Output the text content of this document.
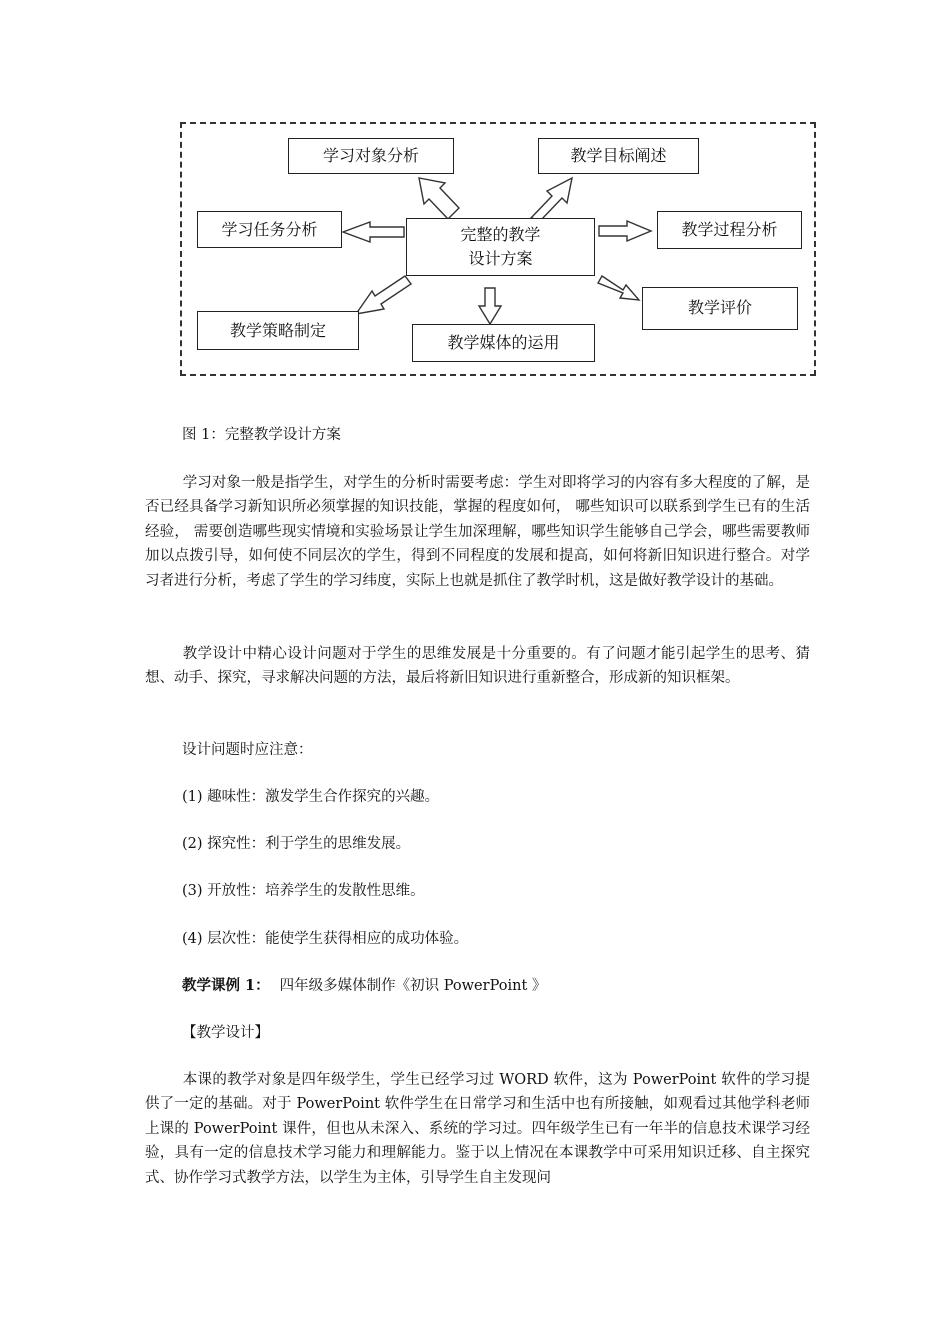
学习对象分析	教学目标阐述
学习任务分析	完整的教学
设计方案
教学过程分析
教学评价
教学策略制定
教学媒体的运用

图 1：完整教学设计方案

学习对象一般是指学生，对学生的分析时需要考虑：学生对即将学习的内容有多大程度的了解，是否已经具备学习新知识所必须掌握的知识技能，掌握的程度如何， 哪些知识可以联系到学生已有的生活经验， 需要创造哪些现实情境和实验场景让学生加深理解，哪些知识学生能够自己学会，哪些需要教师加以点拨引导，如何使不同层次的学生，得到不同程度的发展和提高，如何将新旧知识进行整合。对学习者进行分析，考虑了学生的学习纬度，实际上也就是抓住了教学时机，这是做好教学设计的基础。

教学设计中精心设计问题对于学生的思维发展是十分重要的。有了问题才能引起学生的思考、猜想、动手、探究，寻求解决问题的方法，最后将新旧知识进行重新整合，形成新的知识框架。

设计问题时应注意：

(1) 趣味性：激发学生合作探究的兴趣。

(2) 探究性：利于学生的思维发展。

(3) 开放性：培养学生的发散性思维。

(4) 层次性：能使学生获得相应的成功体验。

教学课例 1： 四年级多媒体制作《初识 PowerPoint 》

【教学设计】

本课的教学对象是四年级学生，学生已经学习过 WORD 软件，这为 PowerPoint 软件的学习提供了一定的基础。对于 PowerPoint 软件学生在日常学习和生活中也有所接触，如观看过其他学科老师上课的 PowerPoint 课件，但也从未深入、系统的学习过。四年级学生已有一年半的信息技术课学习经验，具有一定的信息技术学习能力和理解能力。鉴于以上情况在本课教学中可采用知识迁移、自主探究式、协作学习式教学方法，以学生为主体，引导学生自主发现问
